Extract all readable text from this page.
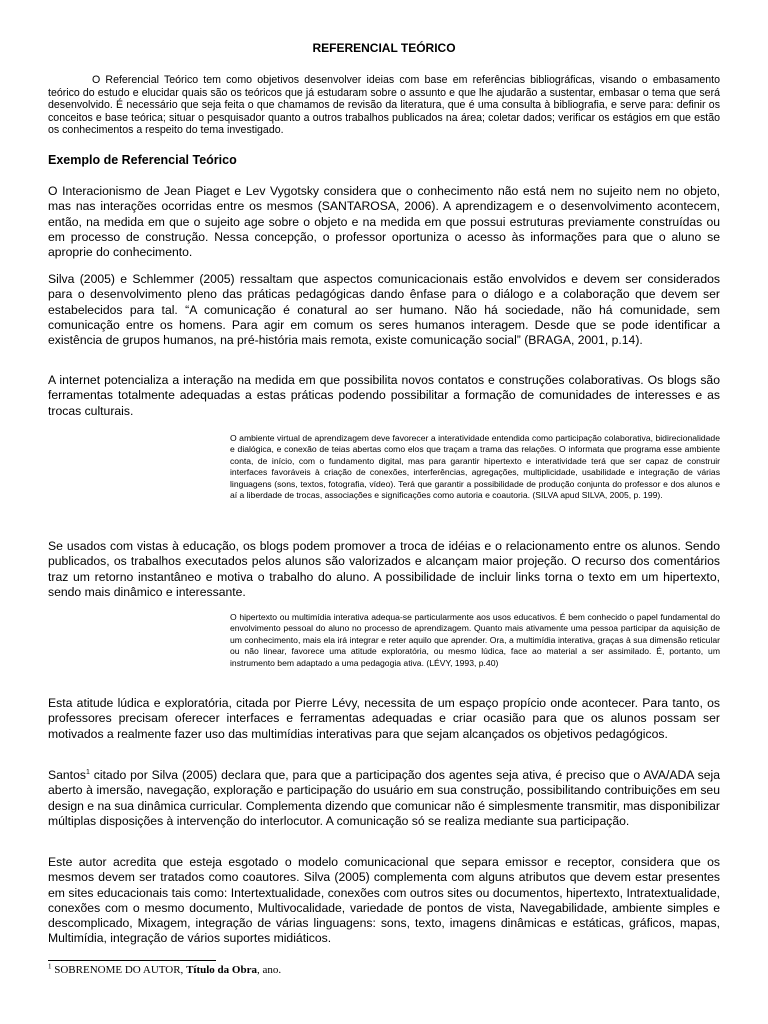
REFERENCIAL TEÓRICO

O Referencial Teórico tem como objetivos desenvolver ideias com base em referências bibliográficas, visando o embasamento teórico do estudo e elucidar quais são os teóricos que já estudaram sobre o assunto e que lhe ajudarão a sustentar, embasar o tema que será desenvolvido. É necessário que seja feita o que chamamos de revisão da literatura, que é uma consulta à bibliografia, e serve para: definir os conceitos e base teórica; situar o pesquisador quanto a outros trabalhos publicados na área; coletar dados; verificar os estágios em que estão os conhecimentos a respeito do tema investigado.

Exemplo de Referencial Teórico

O Interacionismo de Jean Piaget e Lev Vygotsky considera que o conhecimento não está nem no sujeito nem no objeto, mas nas interações ocorridas entre os mesmos (SANTAROSA, 2006). A aprendizagem e o desenvolvimento acontecem, então, na medida em que o sujeito age sobre o objeto e na medida em que possui estruturas previamente construídas ou em processo de construção. Nessa concepção, o professor oportuniza o acesso às informações para que o aluno se aproprie do conhecimento.

Silva (2005) e Schlemmer (2005) ressaltam que aspectos comunicacionais estão envolvidos e devem ser considerados para o desenvolvimento pleno das práticas pedagógicas dando ênfase para o diálogo e a colaboração que devem ser estabelecidos para tal. “A comunicação é conatural ao ser humano. Não há sociedade, não há comunidade, sem comunicação entre os homens. Para agir em comum os seres humanos interagem. Desde que se pode identificar a existência de grupos humanos, na pré-história mais remota, existe comunicação social” (BRAGA, 2001, p.14).

A internet potencializa a interação na medida em que possibilita novos contatos e construções colaborativas. Os blogs são ferramentas totalmente adequadas a estas práticas podendo possibilitar a formação de comunidades de interesses e as trocas culturais.

O ambiente virtual de aprendizagem deve favorecer a interatividade entendida como participação colaborativa, bidirecionalidade e dialógica, e conexão de teias abertas como elos que traçam a trama das relações. O informata que programa esse ambiente conta, de início, com o fundamento digital, mas para garantir hipertexto e interatividade terá que ser capaz de construir interfaces favoráveis à criação de conexões, interferências, agregações, multiplicidade, usabilidade e integração de várias linguagens (sons, textos, fotografia, vídeo). Terá que garantir a possibilidade de produção conjunta do professor e dos alunos e aí a liberdade de trocas, associações e significações como autoria e coautoria. (SILVA apud SILVA, 2005, p. 199).

Se usados com vistas à educação, os blogs podem promover a troca de idéias e o relacionamento entre os alunos. Sendo publicados, os trabalhos executados pelos alunos são valorizados e alcançam maior projeção. O recurso dos comentários traz um retorno instantâneo e motiva o trabalho do aluno. A possibilidade de incluir links torna o texto em um hipertexto, sendo mais dinâmico e interessante.

O hipertexto ou multimídia interativa adequa-se particularmente aos usos educativos. É bem conhecido o papel fundamental do envolvimento pessoal do aluno no processo de aprendizagem. Quanto mais ativamente uma pessoa participar da aquisição de um conhecimento, mais ela irá integrar e reter aquilo que aprender. Ora, a multimídia interativa, graças à sua dimensão reticular ou não linear, favorece uma atitude exploratória, ou mesmo lúdica, face ao material a ser assimilado. É, portanto, um instrumento bem adaptado a uma pedagogia ativa. (LÉVY, 1993, p.40)

Esta atitude lúdica e exploratória, citada por Pierre Lévy, necessita de um espaço propício onde acontecer. Para tanto, os professores precisam oferecer interfaces e ferramentas adequadas e criar ocasião para que os alunos possam ser motivados a realmente fazer uso das multimídias interativas para que sejam alcançados os objetivos pedagógicos.

Santos$^1$ citado por Silva (2005) declara que, para que a participação dos agentes seja ativa, é preciso que o AVA/ADA seja aberto à imersão, navegação, exploração e participação do usuário em sua construção, possibilitando contribuições em seu design e na sua dinâmica curricular. Complementa dizendo que comunicar não é simplesmente transmitir, mas disponibilizar múltiplas disposições à intervenção do interlocutor. A comunicação só se realiza mediante sua participação.

Este autor acredita que esteja esgotado o modelo comunicacional que separa emissor e receptor, considera que os mesmos devem ser tratados como coautores. Silva (2005) complementa com alguns atributos que devem estar presentes em sites educacionais tais como: Intertextualidade, conexões com outros sites ou documentos, hipertexto, Intratextualidade, conexões com o mesmo documento, Multivocalidade, variedade de pontos de vista, Navegabilidade, ambiente simples e descomplicado, Mixagem, integração de várias linguagens: sons, texto, imagens dinâmicas e estáticas, gráficos, mapas, Multimídia, integração de vários suportes midiáticos.

$^1$ SOBRENOME DO AUTOR, Título da Obra, ano.
